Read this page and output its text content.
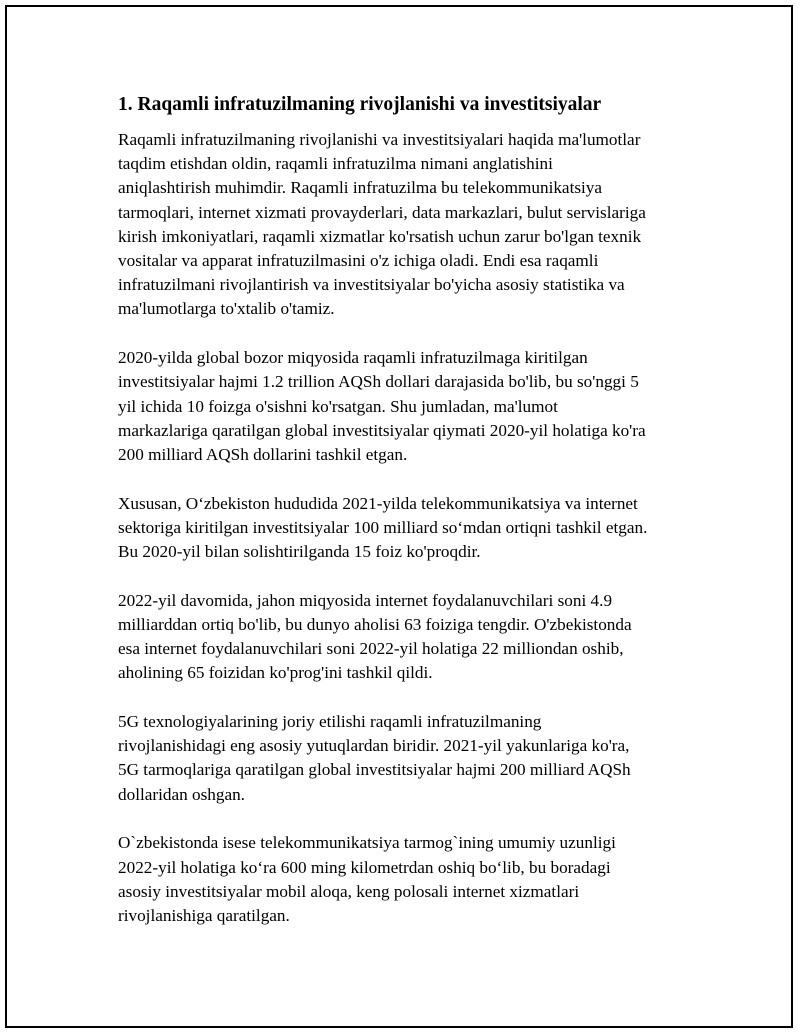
1. Raqamli infratuzilmaning rivojlanishi va investitsiyalar

Raqamli infratuzilmaning rivojlanishi va investitsiyalari haqida ma'lumotlar
taqdim etishdan oldin, raqamli infratuzilma nimani anglatishini
aniqlashtirish muhimdir. Raqamli infratuzilma bu telekommunikatsiya
tarmoqlari, internet xizmati provayderlari, data markazlari, bulut servislariga
kirish imkoniyatlari, raqamli xizmatlar ko'rsatish uchun zarur bo'lgan texnik
vositalar va apparat infratuzilmasini o'z ichiga oladi. Endi esa raqamli
infratuzilmani rivojlantirish va investitsiyalar bo'yicha asosiy statistika va
ma'lumotlarga to'xtalib o'tamiz.

2020-yilda global bozor miqyosida raqamli infratuzilmaga kiritilgan
investitsiyalar hajmi 1.2 trillion AQSh dollari darajasida bo'lib, bu so'nggi 5
yil ichida 10 foizga o'sishni ko'rsatgan. Shu jumladan, ma'lumot
markazlariga qaratilgan global investitsiyalar qiymati 2020-yil holatiga ko'ra
200 milliard AQSh dollarini tashkil etgan.

Xususan, O‘zbekiston hududida 2021-yilda telekommunikatsiya va internet
sektoriga kiritilgan investitsiyalar 100 milliard so‘mdan ortiqni tashkil etgan.
Bu 2020-yil bilan solishtirilganda 15 foiz ko'proqdir.

2022-yil davomida, jahon miqyosida internet foydalanuvchilari soni 4.9
milliarddan ortiq bo'lib, bu dunyo aholisi 63 foiziga tengdir. O'zbekistonda
esa internet foydalanuvchilari soni 2022-yil holatiga 22 milliondan oshib,
aholining 65 foizidan ko'prog'ini tashkil qildi.

5G texnologiyalarining joriy etilishi raqamli infratuzilmaning
rivojlanishidagi eng asosiy yutuqlardan biridir. 2021-yil yakunlariga ko'ra,
5G tarmoqlariga qaratilgan global investitsiyalar hajmi 200 milliard AQSh
dollaridan oshgan.

O`zbekistonda isese telekommunikatsiya tarmog`ining umumiy uzunligi
2022-yil holatiga ko‘ra 600 ming kilometrdan oshiq bo‘lib, bu boradagi
asosiy investitsiyalar mobil aloqa, keng polosali internet xizmatlari
rivojlanishiga qaratilgan.
